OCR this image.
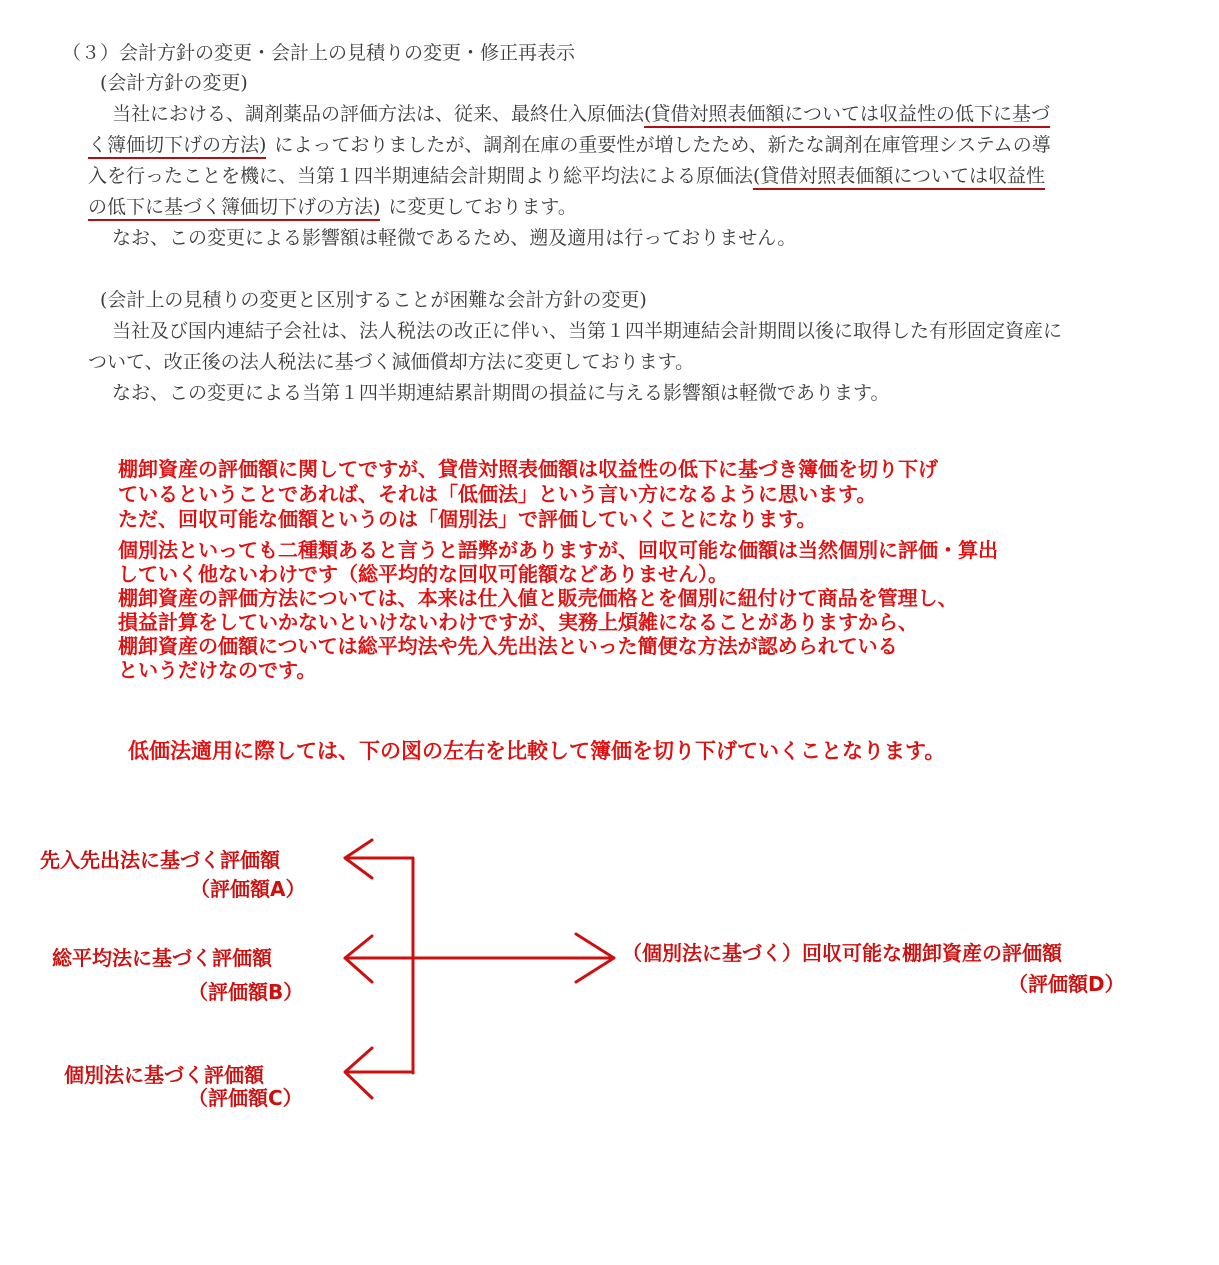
（３）会計方針の変更・会計上の見積りの変更・修正再表示
(会計方針の変更)
当社における、調剤薬品の評価方法は、従来、最終仕入原価法(貸借対照表価額については収益性の低下に基づ
く簿価切下げの方法) によっておりましたが、調剤在庫の重要性が増したため、新たな調剤在庫管理システムの導
入を行ったことを機に、当第１四半期連結会計期間より総平均法による原価法(貸借対照表価額については収益性
の低下に基づく簿価切下げの方法) に変更しております。
なお、この変更による影響額は軽微であるため、遡及適用は行っておりません。
(会計上の見積りの変更と区別することが困難な会計方針の変更)
当社及び国内連結子会社は、法人税法の改正に伴い、当第１四半期連結会計期間以後に取得した有形固定資産に
ついて、改正後の法人税法に基づく減価償却方法に変更しております。
なお、この変更による当第１四半期連結累計期間の損益に与える影響額は軽微であります。
棚卸資産の評価額に関してですが、貸借対照表価額は収益性の低下に基づき簿価を切り下げ
ているということであれば、それは「低価法」という言い方になるように思います。
ただ、回収可能な価額というのは「個別法」で評価していくことになります。
個別法といっても二種類あると言うと語弊がありますが、回収可能な価額は当然個別に評価・算出
していく他ないわけです（総平均的な回収可能額などありません）。
棚卸資産の評価方法については、本来は仕入値と販売価格とを個別に紐付けて商品を管理し、
損益計算をしていかないといけないわけですが、実務上煩雑になることがありますから、
棚卸資産の価額については総平均法や先入先出法といった簡便な方法が認められている
というだけなのです。
低価法適用に際しては、下の図の左右を比較して簿価を切り下げていくことなります。
先入先出法に基づく評価額
（評価額A）
総平均法に基づく評価額
（評価額B）
個別法に基づく評価額
（評価額C）
（個別法に基づく）回収可能な棚卸資産の評価額
（評価額D）
